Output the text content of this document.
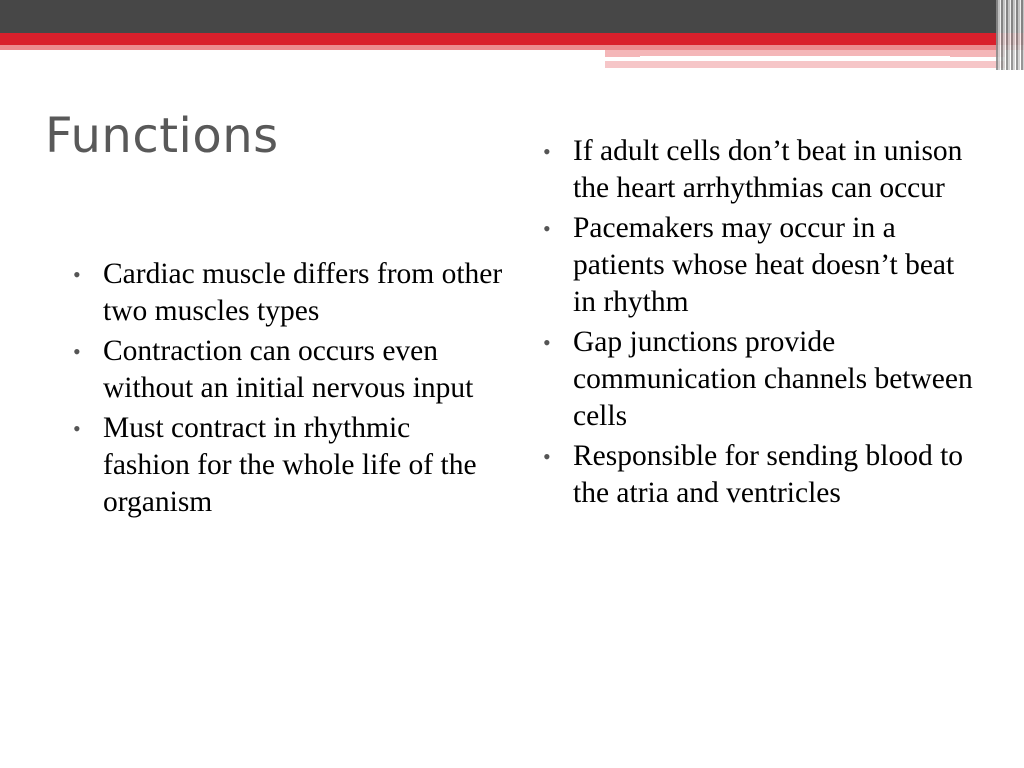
Functions
• Cardiac muscle differs from other two muscles types
• Contraction can occurs even without an initial nervous input
• Must contract in rhythmic fashion for the whole life of the organism
• If adult cells don’t beat in unison the heart arrhythmias can occur
• Pacemakers may occur in a patients whose heat doesn’t beat in rhythm
• Gap junctions provide communication channels between cells
• Responsible for sending blood to the atria and ventricles
